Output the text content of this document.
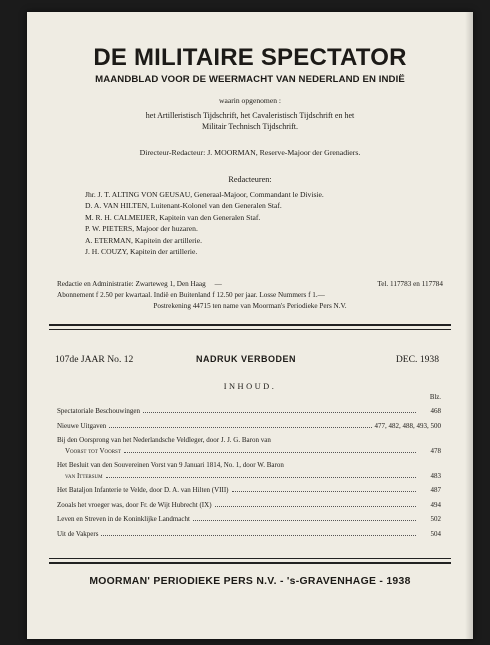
DE MILITAIRE SPECTATOR
MAANDBLAD VOOR DE WEERMACHT VAN NEDERLAND EN INDIË
waarin opgenomen :
het Artilleristisch Tijdschrift, het Cavaleristisch Tijdschrift en het
Militair Technisch Tijdschrift.
Directeur-Redacteur: J. MOORMAN, Reserve-Majoor der Grenadiers.
Redacteuren:
Jhr. J. T. ALTING VON GEUSAU, Generaal-Majoor, Commandant le Divisie.
D. A. VAN HILTEN, Luitenant-Kolonel van den Generalen Staf.
M. R. H. CALMEIJER, Kapitein van den Generalen Staf.
P. W. PIETERS, Majoor der huzaren.
A. ETERMAN, Kapitein der artillerie.
J. H. COUZY, Kapitein der artillerie.
Redactie en Administratie: Zwarteweg 1, Den Haag —	Tel. 117783 en 117784
Abonnement f 2.50 per kwartaal. Indië en Buitenland f 12.50 per jaar. Losse Nummers f 1.—
Postrekening 44715 ten name van Moorman's Periodieke Pers N.V.
107de JAAR No. 12	NADRUK VERBODEN	DEC. 1938
INHOUD.
Blz.
Spectatoriale Beschouwingen	468
Nieuwe Uitgaven	477, 482, 488, 493, 500
Bij den Oorsprong van het Nederlandsche Veldleger, door J. J. G. Baron van
Voorst tot Voorst	478
Het Besluit van den Souvereinen Vorst van 9 Januari 1814, No. 1, door W. Baron
van Ittersum	483
Het Bataljon Infanterie te Velde, door D. A. van Hilten (VIII)	487
Zooals het vroeger was, door Fr. de Wijt Hubrecht (IX)	494
Leven en Streven in de Koninklijke Landmacht	502
Uit de Vakpers	504
MOORMAN' PERIODIEKE PERS N.V. - 's-GRAVENHAGE - 1938
